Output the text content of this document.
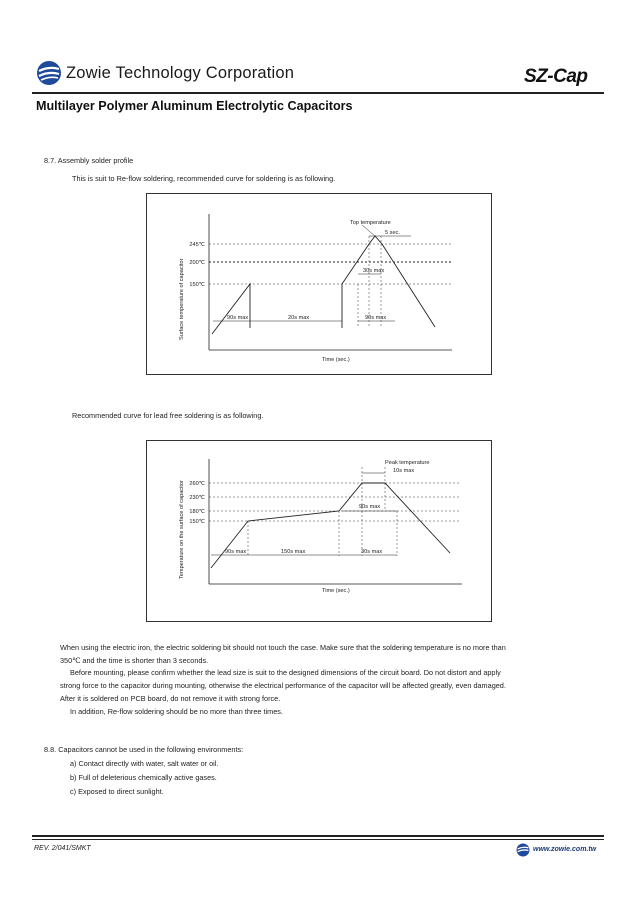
Zowie Technology Corporation	SZ-Cap
Multilayer Polymer Aluminum Electrolytic Capacitors
8.7. Assembly solder profile
This is suit to Re-flow soldering, recommended curve for soldering is as following.
245℃
200℃
150℃
Surface temperature of capacitor
Time (sec.)
Top temperature
5 sec.
90s max	20s max	90s max
30s max
Recommended curve for lead free soldering is as following.
260℃
230℃
180℃
150℃
Temperature on the surface of capacitor
Time (sec.)
Peak temperature
10s max
90s max
90s max	150s max	30s max
When using the electric iron, the electric soldering bit should not touch the case. Make sure that the soldering temperature is no more than
350℃ and the time is shorter than 3 seconds.
Before mounting, please confirm whether the lead size is suit to the designed dimensions of the circuit board. Do not distort and apply
strong force to the capacitor during mounting, otherwise the electrical performance of the capacitor will be affected greatly, even damaged.
After it is soldered on PCB board, do not remove it with strong force.
In addition, Re-flow soldering should be no more than three times.
8.8. Capacitors cannot be used in the following environments:
a) Contact directly with water, salt water or oil.
b) Full of deleterious chemically active gases.
c) Exposed to direct sunlight.
REV. 2/041/SMKT	www.zowie.com.tw
